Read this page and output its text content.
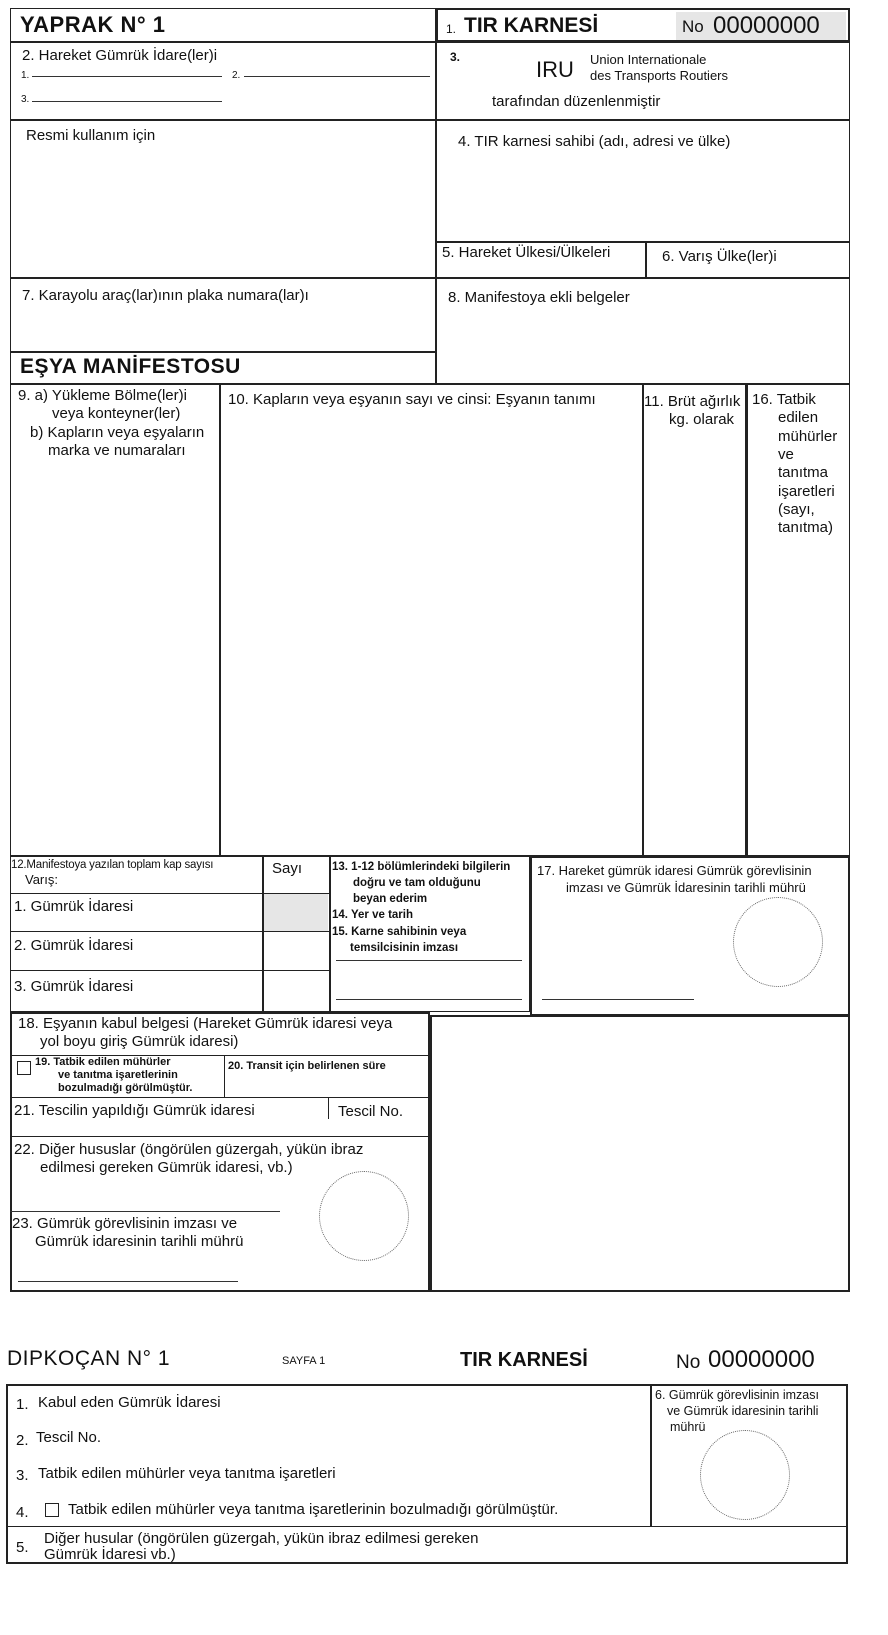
YAPRAK N° 1	1. TIR KARNESİ	No 00000000
2. Hareket Gümrük İdare(ler)i
1.	2.
3.
3.	IRU Union Internationale
des Transports Routiers
tarafından düzenlenmiştir
Resmi kullanım için	4. TIR karnesi sahibi (adı, adresi ve ülke)
5. Hareket Ülkesi/Ülkeleri	6. Varış Ülke(ler)i
7. Karayolu araç(lar)ının plaka numara(lar)ı	8. Manifestoya ekli belgeler
EŞYA MANİFESTOSU
9. a) Yükleme Bölme(ler)i
veya konteyner(ler)
b) Kapların veya eşyaların
marka ve numaraları
10. Kapların veya eşyanın sayı ve cinsi: Eşyanın tanımı	11. Brüt ağırlık
kg. olarak
16. Tatbik
edilen
mühürler
ve
tanıtma
işaretleri
(sayı,
tanıtma)
12.Manifestoya yazılan toplam kap sayısı
Varış:
Sayı
1. Gümrük İdaresi
2. Gümrük İdaresi
3. Gümrük İdaresi
13. 1-12 bölümlerindeki bilgilerin
doğru ve tam olduğunu
beyan ederim
14. Yer ve tarih
15. Karne sahibinin veya
temsilcisinin imzası
17. Hareket gümrük idaresi Gümrük görevlisinin
imzası ve Gümrük İdaresinin tarihli mührü
18. Eşyanın kabul belgesi (Hareket Gümrük idaresi veya
yol boyu giriş Gümrük idaresi)
19. Tatbik edilen mühürler
ve tanıtma işaretlerinin
bozulmadığı görülmüştür.
20. Transit için belirlenen süre
21. Tescilin yapıldığı Gümrük idaresi	Tescil No.
22. Diğer hususlar (öngörülen güzergah, yükün ibraz
edilmesi gereken Gümrük idaresi, vb.)
23. Gümrük görevlisinin imzası ve
Gümrük idaresinin tarihli mührü
DIPKOÇAN N° 1	SAYFA 1	TIR KARNESİ	No 00000000
1. Kabul eden Gümrük İdaresi
2. Tescil No.
3. Tatbik edilen mühürler veya tanıtma işaretleri
4.	Tatbik edilen mühürler veya tanıtma işaretlerinin bozulmadığı görülmüştür.
5.
Diğer husular (öngörülen güzergah, yükün ibraz edilmesi gereken
Gümrük İdaresi vb.)
6. Gümrük görevlisinin imzası
ve Gümrük idaresinin tarihli
mührü
